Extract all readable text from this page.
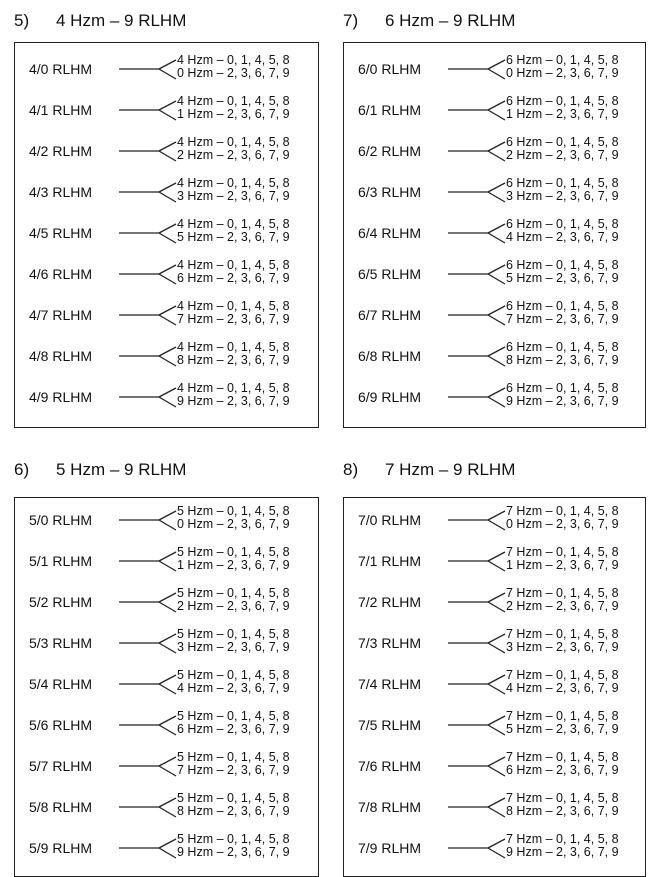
5) 4 Hzm – 9 RLHM
4/0 RLHM
4 Hzm – 0, 1, 4, 5, 8
0 Hzm – 2, 3, 6, 7, 9
4/1 RLHM
4 Hzm – 0, 1, 4, 5, 8
1 Hzm – 2, 3, 6, 7, 9
4/2 RLHM
4 Hzm – 0, 1, 4, 5, 8
2 Hzm – 2, 3, 6, 7, 9
4/3 RLHM
4 Hzm – 0, 1, 4, 5, 8
3 Hzm – 2, 3, 6, 7, 9
4/5 RLHM
4 Hzm – 0, 1, 4, 5, 8
5 Hzm – 2, 3, 6, 7, 9
4/6 RLHM
4 Hzm – 0, 1, 4, 5, 8
6 Hzm – 2, 3, 6, 7, 9
4/7 RLHM
4 Hzm – 0, 1, 4, 5, 8
7 Hzm – 2, 3, 6, 7, 9
4/8 RLHM
4 Hzm – 0, 1, 4, 5, 8
8 Hzm – 2, 3, 6, 7, 9
4/9 RLHM
4 Hzm – 0, 1, 4, 5, 8
9 Hzm – 2, 3, 6, 7, 9
7) 6 Hzm – 9 RLHM
6/0 RLHM
6 Hzm – 0, 1, 4, 5, 8
0 Hzm – 2, 3, 6, 7, 9
6/1 RLHM
6 Hzm – 0, 1, 4, 5, 8
1 Hzm – 2, 3, 6, 7, 9
6/2 RLHM
6 Hzm – 0, 1, 4, 5, 8
2 Hzm – 2, 3, 6, 7, 9
6/3 RLHM
6 Hzm – 0, 1, 4, 5, 8
3 Hzm – 2, 3, 6, 7, 9
6/4 RLHM
6 Hzm – 0, 1, 4, 5, 8
4 Hzm – 2, 3, 6, 7, 9
6/5 RLHM
6 Hzm – 0, 1, 4, 5, 8
5 Hzm – 2, 3, 6, 7, 9
6/7 RLHM
6 Hzm – 0, 1, 4, 5, 8
7 Hzm – 2, 3, 6, 7, 9
6/8 RLHM
6 Hzm – 0, 1, 4, 5, 8
8 Hzm – 2, 3, 6, 7, 9
6/9 RLHM
6 Hzm – 0, 1, 4, 5, 8
9 Hzm – 2, 3, 6, 7, 9
6) 5 Hzm – 9 RLHM
5/0 RLHM
5 Hzm – 0, 1, 4, 5, 8
0 Hzm – 2, 3, 6, 7, 9
5/1 RLHM
5 Hzm – 0, 1, 4, 5, 8
1 Hzm – 2, 3, 6, 7, 9
5/2 RLHM
5 Hzm – 0, 1, 4, 5, 8
2 Hzm – 2, 3, 6, 7, 9
5/3 RLHM
5 Hzm – 0, 1, 4, 5, 8
3 Hzm – 2, 3, 6, 7, 9
5/4 RLHM
5 Hzm – 0, 1, 4, 5, 8
4 Hzm – 2, 3, 6, 7, 9
5/6 RLHM
5 Hzm – 0, 1, 4, 5, 8
6 Hzm – 2, 3, 6, 7, 9
5/7 RLHM
5 Hzm – 0, 1, 4, 5, 8
7 Hzm – 2, 3, 6, 7, 9
5/8 RLHM
5 Hzm – 0, 1, 4, 5, 8
8 Hzm – 2, 3, 6, 7, 9
5/9 RLHM
5 Hzm – 0, 1, 4, 5, 8
9 Hzm – 2, 3, 6, 7, 9
8) 7 Hzm – 9 RLHM
7/0 RLHM
7 Hzm – 0, 1, 4, 5, 8
0 Hzm – 2, 3, 6, 7, 9
7/1 RLHM
7 Hzm – 0, 1, 4, 5, 8
1 Hzm – 2, 3, 6, 7, 9
7/2 RLHM
7 Hzm – 0, 1, 4, 5, 8
2 Hzm – 2, 3, 6, 7, 9
7/3 RLHM
7 Hzm – 0, 1, 4, 5, 8
3 Hzm – 2, 3, 6, 7, 9
7/4 RLHM
7 Hzm – 0, 1, 4, 5, 8
4 Hzm – 2, 3, 6, 7, 9
7/5 RLHM
7 Hzm – 0, 1, 4, 5, 8
5 Hzm – 2, 3, 6, 7, 9
7/6 RLHM
7 Hzm – 0, 1, 4, 5, 8
6 Hzm – 2, 3, 6, 7, 9
7/8 RLHM
7 Hzm – 0, 1, 4, 5, 8
8 Hzm – 2, 3, 6, 7, 9
7/9 RLHM
7 Hzm – 0, 1, 4, 5, 8
9 Hzm – 2, 3, 6, 7, 9
